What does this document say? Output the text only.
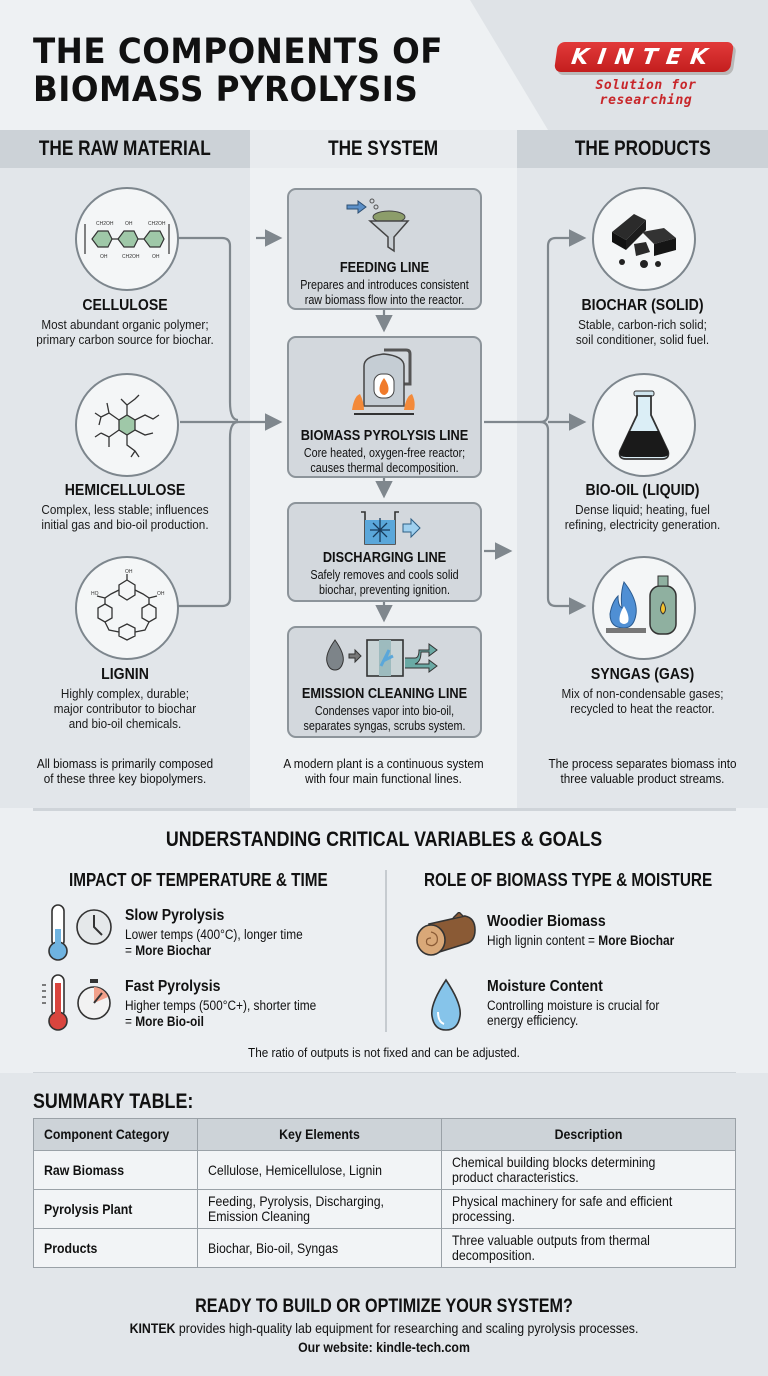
THE COMPONENTS OF
BIOMASS PYROLYSIS
KINTEK
Solution for researching
THE RAW MATERIAL	THE SYSTEM	THE PRODUCTS
CH2OH OH	CH2OH
OH	CH2OH OH
CELLULOSE
Most abundant organic polymer;
primary carbon source for biochar.
HEMICELLULOSE
Complex, less stable; influences
initial gas and bio-oil production.
HO	OH
OH
LIGNIN
Highly complex, durable;
major contributor to biochar
and bio-oil chemicals.
All biomass is primarily composed
of these three key biopolymers.
FEEDING LINE
Prepares and introduces consistent
raw biomass flow into the reactor.
BIOMASS PYROLYSIS LINE
Core heated, oxygen-free reactor;
causes thermal decomposition.
DISCHARGING LINE
Safely removes and cools solid
biochar, preventing ignition.
EMISSION CLEANING LINE
Condenses vapor into bio-oil,
separates syngas, scrubs system.
A modern plant is a continuous system
with four main functional lines.
BIOCHAR (SOLID)
Stable, carbon-rich solid;
soil conditioner, solid fuel.
BIO-OIL (LIQUID)
Dense liquid; heating, fuel
refining, electricity generation.
SYNGAS (GAS)
Mix of non-condensable gases;
recycled to heat the reactor.
The process separates biomass into
three valuable product streams.
UNDERSTANDING CRITICAL VARIABLES & GOALS
IMPACT OF TEMPERATURE & TIME	ROLE OF BIOMASS TYPE & MOISTURE
Slow Pyrolysis
Lower temps (400°C), longer time
= More Biochar
Fast Pyrolysis
Higher temps (500°C+), shorter time
= More Bio-oil
Woodier Biomass
High lignin content = More Biochar
Moisture Content
Controlling moisture is crucial for
energy efficiency.
The ratio of outputs is not fixed and can be adjusted.
SUMMARY TABLE:
Component Category	Key Elements	Description

Raw Biomass	Cellulose, Hemicellulose, Lignin	Chemical building blocks determining
product characteristics.

Pyrolysis Plant	Feeding, Pyrolysis, Discharging,
Emission Cleaning	Physical machinery for safe and efficient
processing.

Products	Biochar, Bio-oil, Syngas	Three valuable outputs from thermal
decomposition.
READY TO BUILD OR OPTIMIZE YOUR SYSTEM?
KINTEK provides high-quality lab equipment for researching and scaling pyrolysis processes.
Our website: kindle-tech.com
